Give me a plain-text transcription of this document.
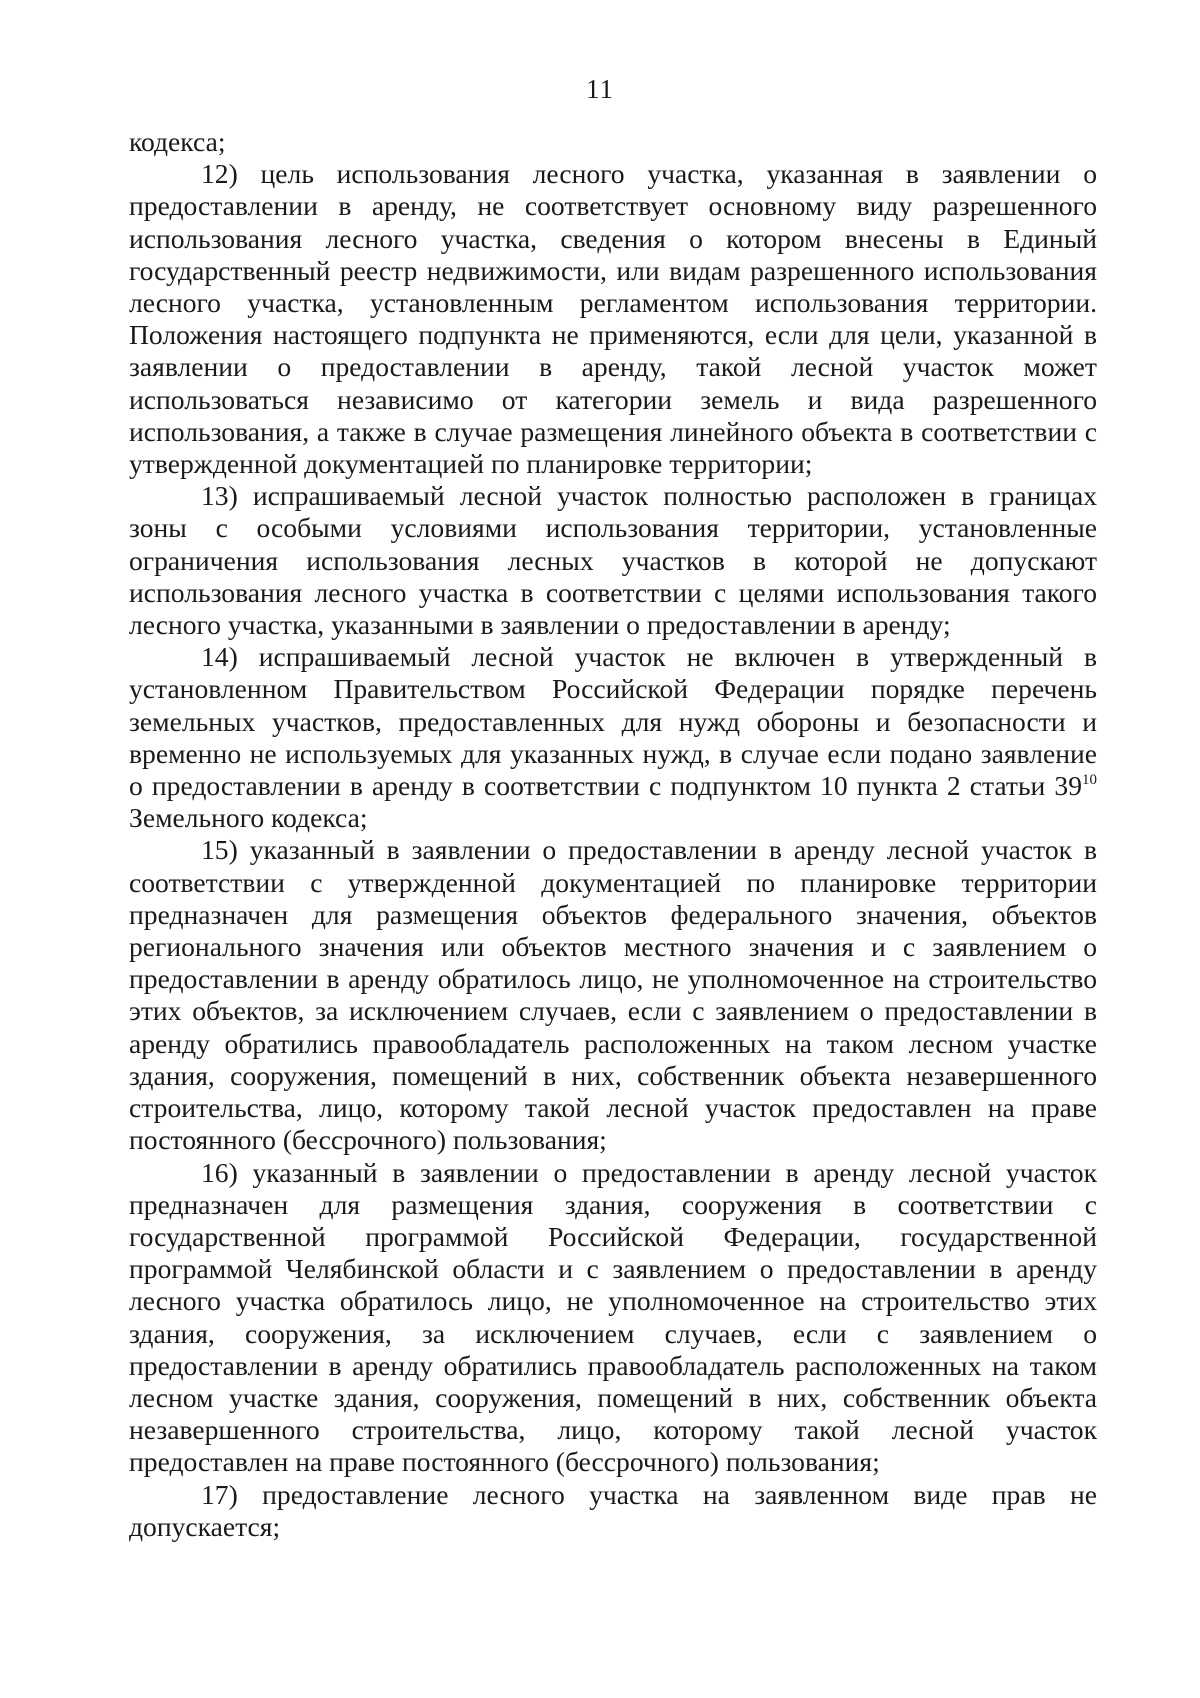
11

кодекса;

12) цель использования лесного участка, указанная в заявлении о предоставлении в аренду, не соответствует основному виду разрешенного использования лесного участка, сведения о котором внесены в Единый государственный реестр недвижимости, или видам разрешенного использования лесного участка, установленным регламентом использования территории. Положения настоящего подпункта не применяются, если для цели, указанной в заявлении о предоставлении в аренду, такой лесной участок может использоваться независимо от категории земель и вида разрешенного использования, а также в случае размещения линейного объекта в соответствии с утвержденной документацией по планировке территории;

13) испрашиваемый лесной участок полностью расположен в границах зоны с особыми условиями использования территории, установленные ограничения использования лесных участков в которой не допускают использования лесного участка в соответствии с целями использования такого лесного участка, указанными в заявлении о предоставлении в аренду;

14) испрашиваемый лесной участок не включен в утвержденный в установленном Правительством Российской Федерации порядке перечень земельных участков, предоставленных для нужд обороны и безопасности и временно не используемых для указанных нужд, в случае если подано заявление о предоставлении в аренду в соответствии с подпунктом 10 пункта 2 статьи $39^{10}$ Земельного кодекса;

15) указанный в заявлении о предоставлении в аренду лесной участок в соответствии с утвержденной документацией по планировке территории предназначен для размещения объектов федерального значения, объектов регионального значения или объектов местного значения и с заявлением о предоставлении в аренду обратилось лицо, не уполномоченное на строительство этих объектов, за исключением случаев, если с заявлением о предоставлении в аренду обратились правообладатель расположенных на таком лесном участке здания, сооружения, помещений в них, собственник объекта незавершенного строительства, лицо, которому такой лесной участок предоставлен на праве постоянного (бессрочного) пользования;

16) указанный в заявлении о предоставлении в аренду лесной участок предназначен для размещения здания, сооружения в соответствии с государственной программой Российской Федерации, государственной программой Челябинской области и с заявлением о предоставлении в аренду лесного участка обратилось лицо, не уполномоченное на строительство этих здания, сооружения, за исключением случаев, если с заявлением о предоставлении в аренду обратились правообладатель расположенных на таком лесном участке здания, сооружения, помещений в них, собственник объекта незавершенного строительства, лицо, которому такой лесной участок предоставлен на праве постоянного (бессрочного) пользования;

17) предоставление лесного участка на заявленном виде прав не допускается;
